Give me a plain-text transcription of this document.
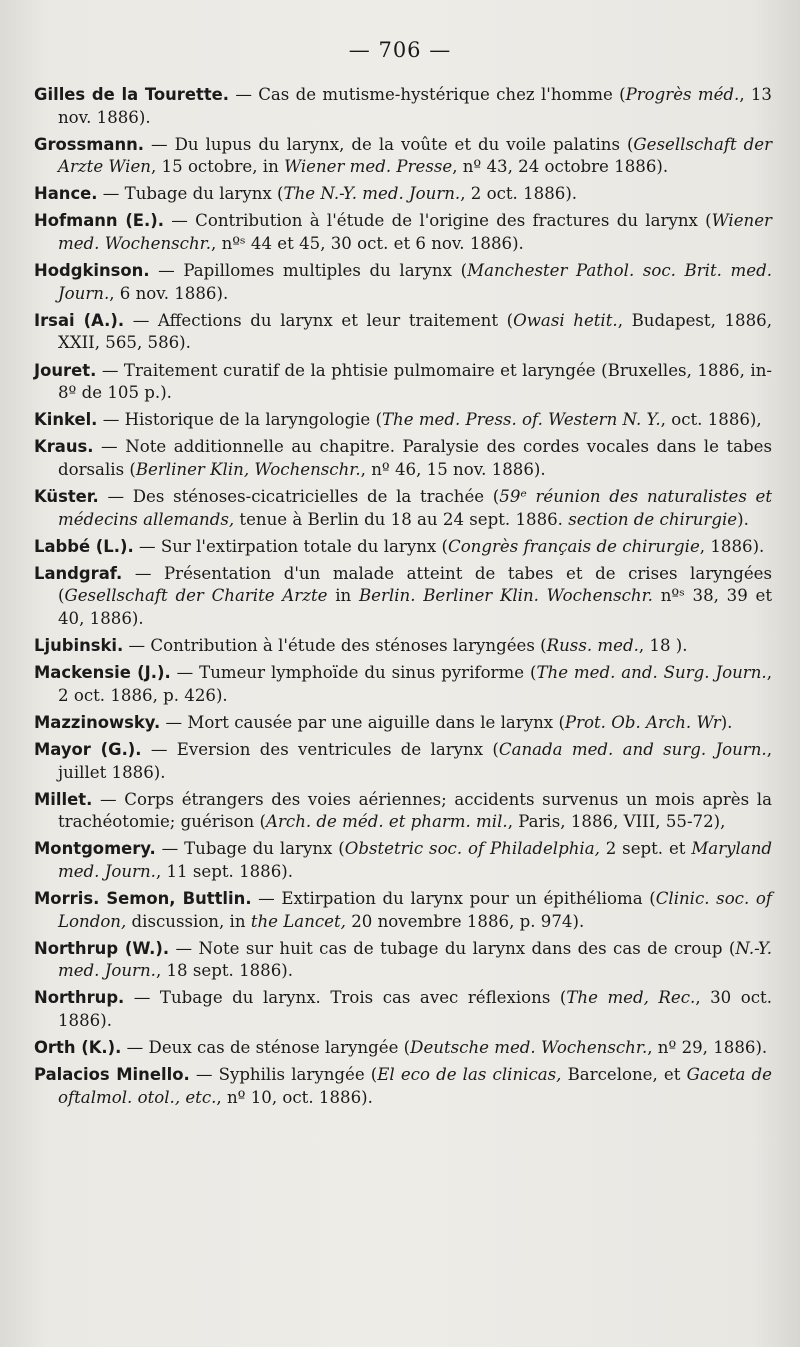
— 706 —

Gilles de la Tourette. — Cas de mutisme-hystérique chez l'homme (Progrès méd., 13 nov. 1886).

Grossmann. — Du lupus du larynx, de la voûte et du voile palatins (Gesellschaft der Arzte Wien, 15 octobre, in Wiener med. Presse, nº 43, 24 octobre 1886).

Hance. — Tubage du larynx (The N.-Y. med. Journ., 2 oct. 1886).

Hofmann (E.). — Contribution à l'étude de l'origine des fractures du larynx (Wiener med. Wochenschr., nºˢ 44 et 45, 30 oct. et 6 nov. 1886).

Hodgkinson. — Papillomes multiples du larynx (Manchester Pathol. soc. Brit. med. Journ., 6 nov. 1886).

Irsai (A.). — Affections du larynx et leur traitement (Owasi hetit., Budapest, 1886, XXII, 565, 586).

Jouret. — Traitement curatif de la phtisie pulmomaire et laryngée (Bruxelles, 1886, in-8º de 105 p.).

Kinkel. — Historique de la laryngologie (The med. Press. of. Western N. Y., oct. 1886),

Kraus. — Note additionnelle au chapitre. Paralysie des cordes vocales dans le tabes dorsalis (Berliner Klin, Wochenschr., nº 46, 15 nov. 1886).

Küster. — Des sténoses-cicatricielles de la trachée (59ᵉ réunion des naturalistes et médecins allemands, tenue à Berlin du 18 au 24 sept. 1886. section de chirurgie).

Labbé (L.). — Sur l'extirpation totale du larynx (Congrès français de chirurgie, 1886).

Landgraf. — Présentation d'un malade atteint de tabes et de crises laryngées (Gesellschaft der Charite Arzte in Berlin. Berliner Klin. Wochenschr. nºˢ 38, 39 et 40, 1886).

Ljubinski. — Contribution à l'étude des sténoses laryngées (Russ. med., 18 ).

Mackensie (J.). — Tumeur lymphoïde du sinus pyriforme (The med. and. Surg. Journ., 2 oct. 1886, p. 426).

Mazzinowsky. — Mort causée par une aiguille dans le larynx (Prot. Ob. Arch. Wr).

Mayor (G.). — Eversion des ventricules de larynx (Canada med. and surg. Journ., juillet 1886).

Millet. — Corps étrangers des voies aériennes; accidents survenus un mois après la trachéotomie; guérison (Arch. de méd. et pharm. mil., Paris, 1886, VIII, 55-72),

Montgomery. — Tubage du larynx (Obstetric soc. of Philadelphia, 2 sept. et Maryland med. Journ., 11 sept. 1886).

Morris. Semon, Buttlin. — Extirpation du larynx pour un épithélioma (Clinic. soc. of London, discussion, in the Lancet, 20 novembre 1886, p. 974).

Northrup (W.). — Note sur huit cas de tubage du larynx dans des cas de croup (N.-Y. med. Journ., 18 sept. 1886).

Northrup. — Tubage du larynx. Trois cas avec réflexions (The med, Rec., 30 oct. 1886).

Orth (K.). — Deux cas de sténose laryngée (Deutsche med. Wochenschr., nº 29, 1886).

Palacios Minello. — Syphilis laryngée (El eco de las clinicas, Barcelone, et Gaceta de oftalmol. otol., etc., nº 10, oct. 1886).
